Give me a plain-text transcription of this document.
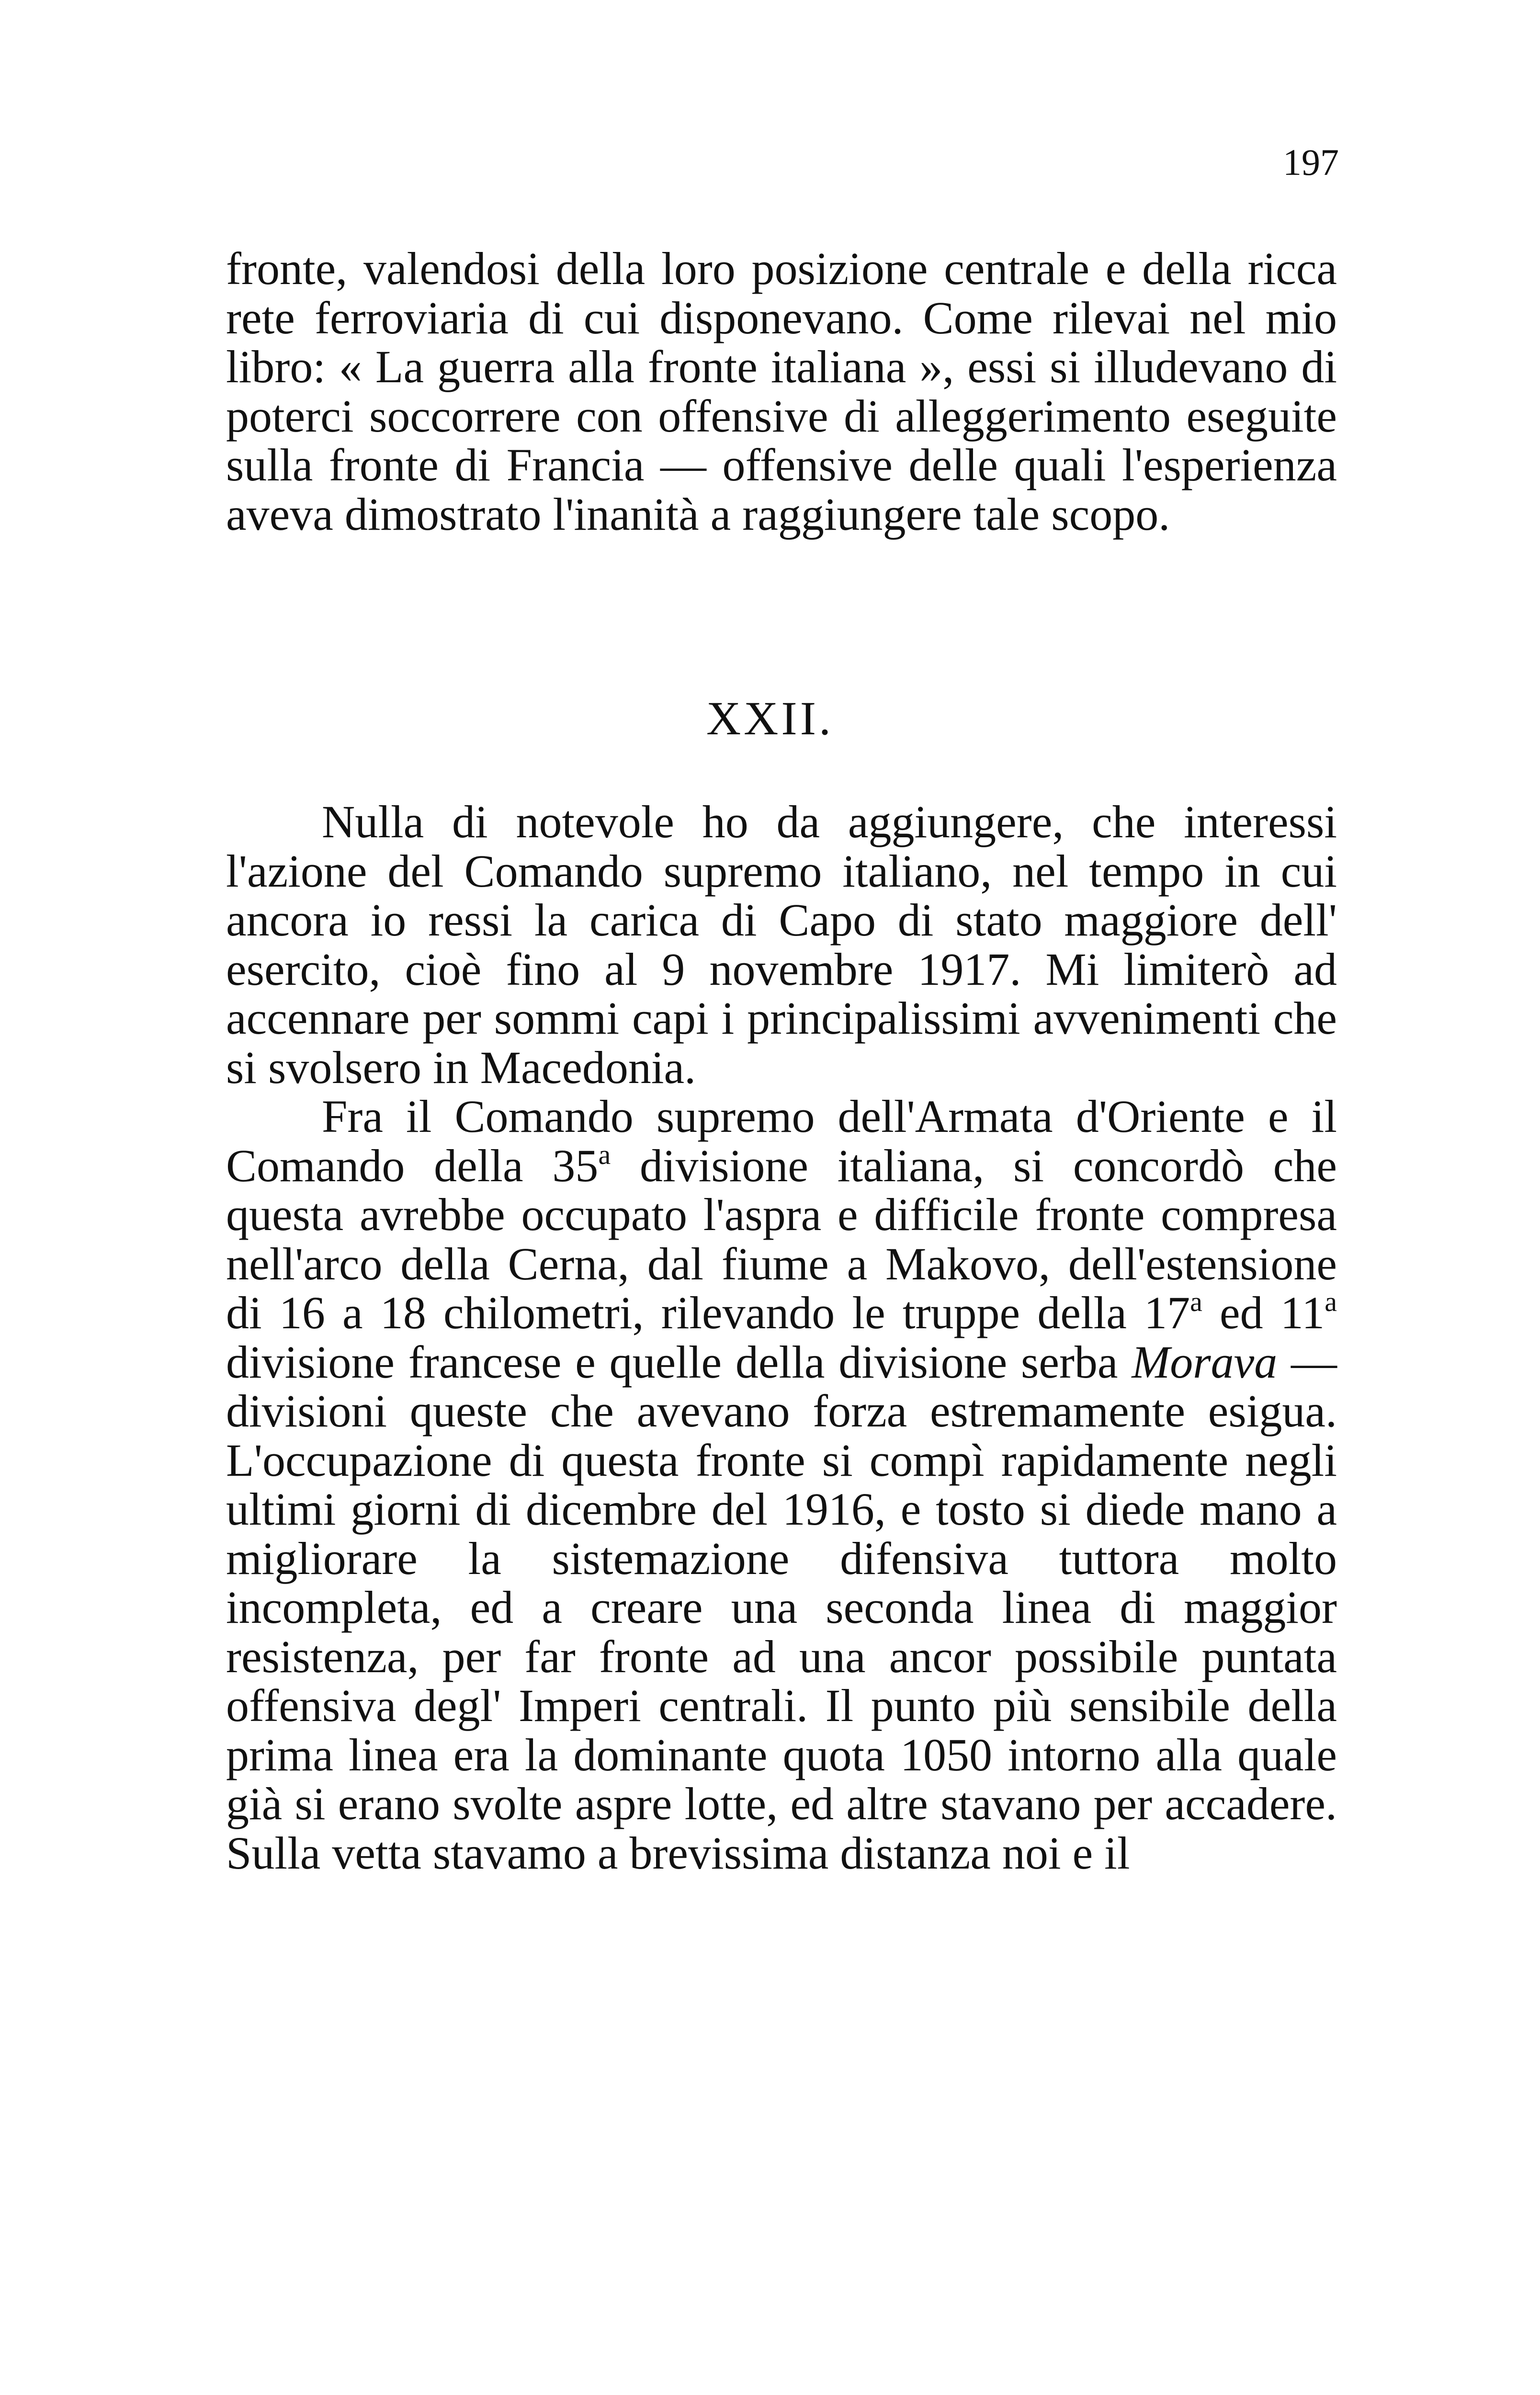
197

fronte, valendosi della loro posizione centrale e della ricca rete ferroviaria di cui disponevano. Come rilevai nel mio libro: « La guerra alla fronte italiana », essi si illudevano di poterci soccorrere con offensive di alleggerimento eseguite sulla fronte di Francia — offensive delle quali l'esperienza aveva dimostrato l'inanità a raggiungere tale scopo.

XXII.

Nulla di notevole ho da aggiungere, che interessi l'azione del Comando supremo italiano, nel tempo in cui ancora io ressi la carica di Capo di stato maggiore dell' esercito, cioè fino al 9 novembre 1917. Mi limiterò ad accennare per sommi capi i principalissimi avvenimenti che si svolsero in Macedonia.

Fra il Comando supremo dell'Armata d'Oriente e il Comando della 35$^a$ divisione italiana, si concordò che questa avrebbe occupato l'aspra e difficile fronte compresa nell'arco della Cerna, dal fiume a Makovo, dell'estensione di 16 a 18 chilometri, rilevando le truppe della 17$^a$ ed 11$^a$ divisione francese e quelle della divisione serba Morava — divisioni queste che avevano forza estremamente esigua. L'occupazione di questa fronte si compì rapidamente negli ultimi giorni di dicembre del 1916, e tosto si diede mano a migliorare la sistemazione difensiva tuttora molto incompleta, ed a creare una seconda linea di maggior resistenza, per far fronte ad una ancor possibile puntata offensiva degl' Imperi centrali. Il punto più sensibile della prima linea era la dominante quota 1050 intorno alla quale già si erano svolte aspre lotte, ed altre stavano per accadere. Sulla vetta stavamo a brevissima distanza noi e il
